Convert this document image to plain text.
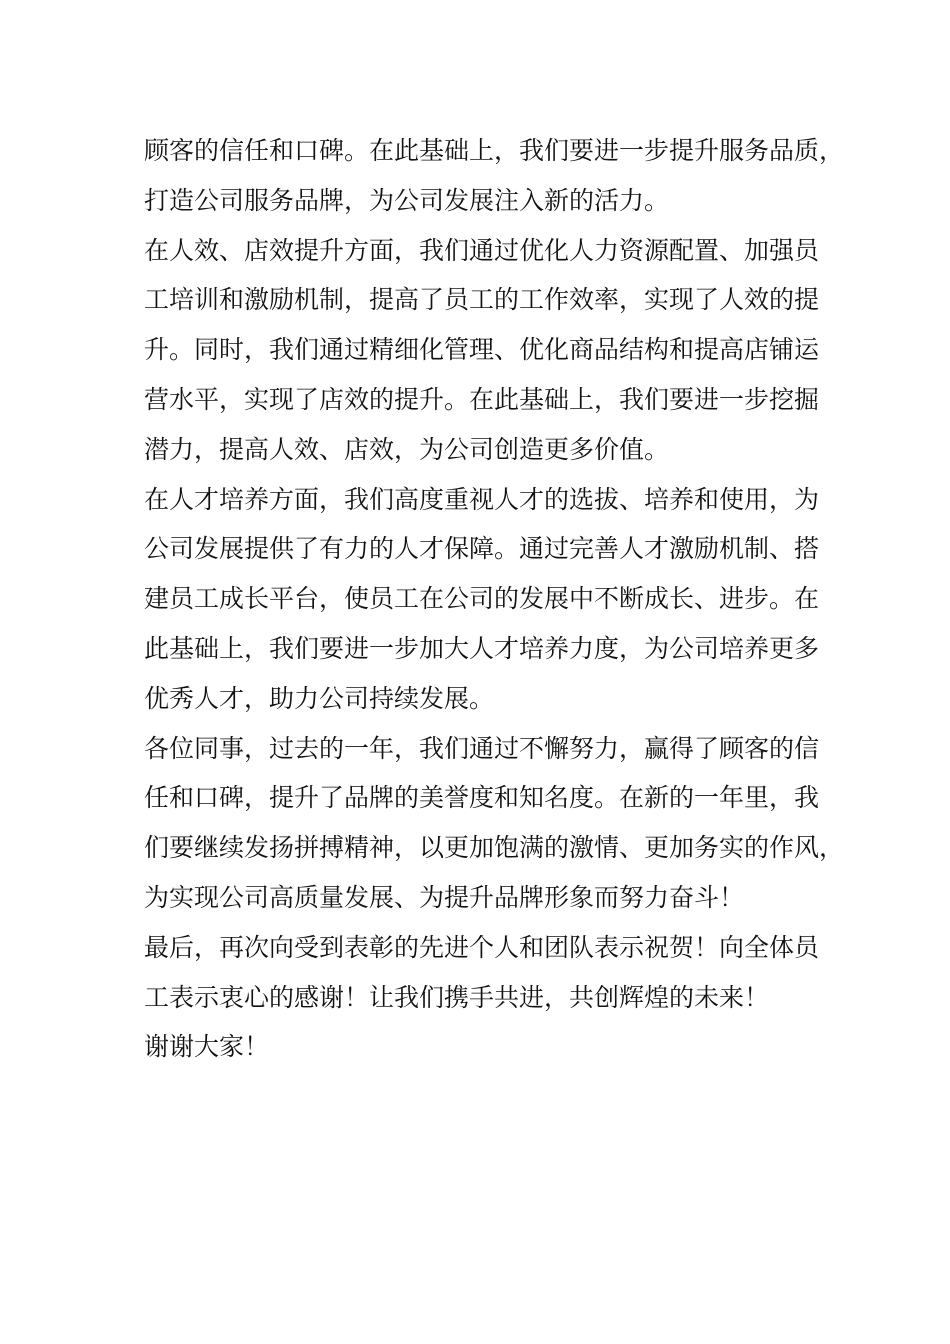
顾客的信任和口碑。在此基础上，我们要进一步提升服务品质，
打造公司服务品牌，为公司发展注入新的活力。

在人效、店效提升方面，我们通过优化人力资源配置、加强员
工培训和激励机制，提高了员工的工作效率，实现了人效的提
升。同时，我们通过精细化管理、优化商品结构和提高店铺运
营水平，实现了店效的提升。在此基础上，我们要进一步挖掘
潜力，提高人效、店效，为公司创造更多价值。

在人才培养方面，我们高度重视人才的选拔、培养和使用，为
公司发展提供了有力的人才保障。通过完善人才激励机制、搭
建员工成长平台，使员工在公司的发展中不断成长、进步。在
此基础上，我们要进一步加大人才培养力度，为公司培养更多
优秀人才，助力公司持续发展。

各位同事，过去的一年，我们通过不懈努力，赢得了顾客的信
任和口碑，提升了品牌的美誉度和知名度。在新的一年里，我
们要继续发扬拼搏精神，以更加饱满的激情、更加务实的作风，
为实现公司高质量发展、为提升品牌形象而努力奋斗！

最后，再次向受到表彰的先进个人和团队表示祝贺！向全体员
工表示衷心的感谢！让我们携手共进，共创辉煌的未来！

谢谢大家！
